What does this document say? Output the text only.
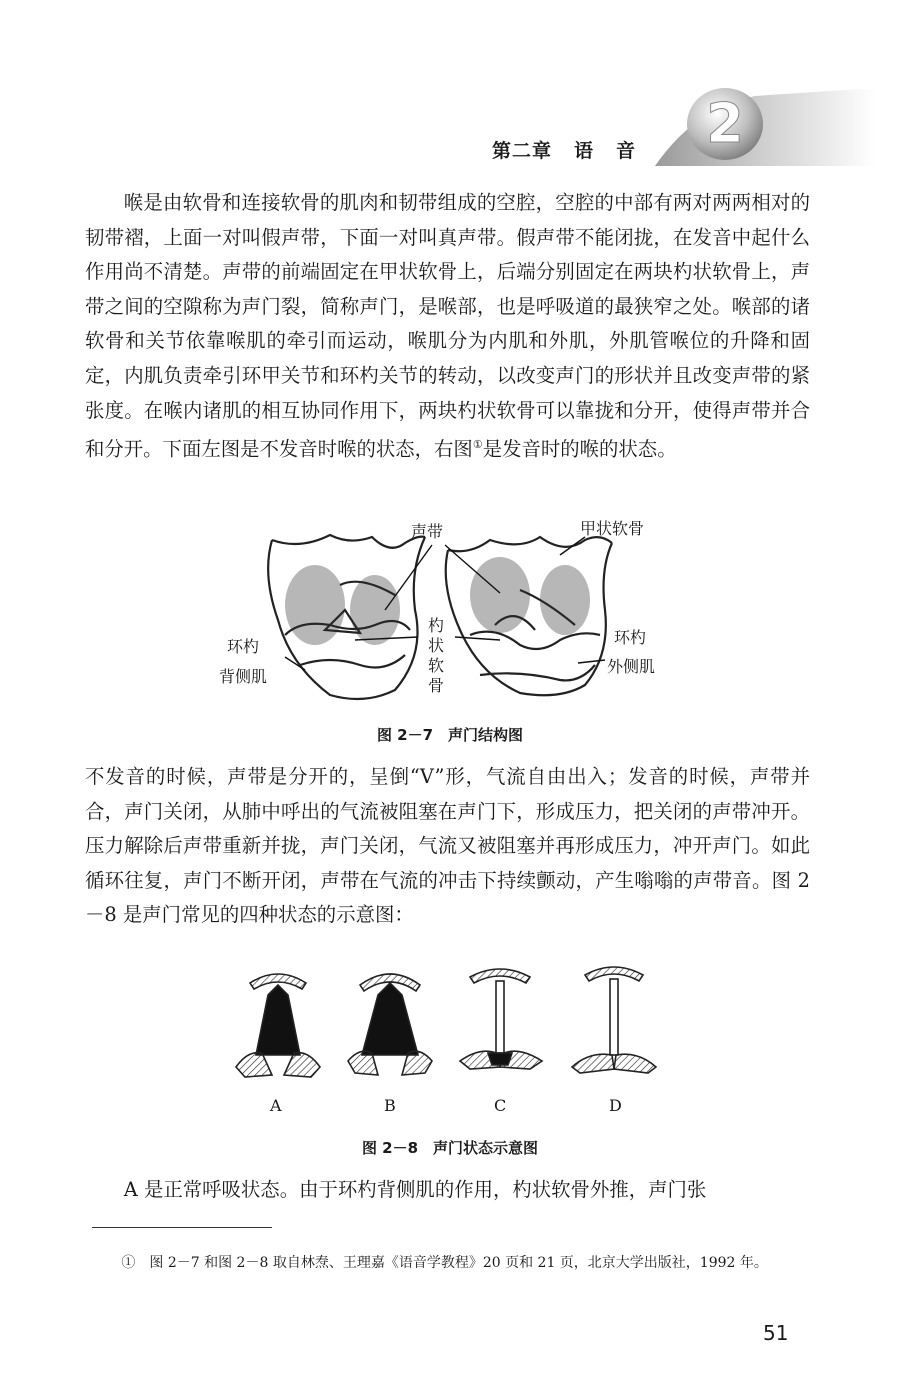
第二章 语 音 2

喉是由软骨和连接软骨的肌肉和韧带组成的空腔，空腔的中部有两对两两相对的韧带褶，上面一对叫假声带，下面一对叫真声带。假声带不能闭拢，在发音中起什么作用尚不清楚。声带的前端固定在甲状软骨上，后端分别固定在两块杓状软骨上，声带之间的空隙称为声门裂，简称声门，是喉部，也是呼吸道的最狭窄之处。喉部的诸软骨和关节依靠喉肌的牵引而运动，喉肌分为内肌和外肌，外肌管喉位的升降和固定，内肌负责牵引环甲关节和环杓关节的转动，以改变声门的形状并且改变声带的紧张度。在喉内诸肌的相互协同作用下，两块杓状软骨可以靠拢和分开，使得声带并合和分开。下面左图是不发音时喉的状态，右图①是发音时的喉的状态。

声带	甲状软骨
环杓
背侧肌
杓状软骨
环杓
外侧肌
图 2－7　声门结构图

不发音的时候，声带是分开的，呈倒“V”形，气流自由出入；发音的时候，声带并合，声门关闭，从肺中呼出的气流被阻塞在声门下，形成压力，把关闭的声带冲开。压力解除后声带重新并拢，声门关闭，气流又被阻塞并再形成压力，冲开声门。如此循环往复，声门不断开闭，声带在气流的冲击下持续颤动，产生嗡嗡的声带音。图 2－8 是声门常见的四种状态的示意图：

A	B	C	D
图 2－8　声门状态示意图

A 是正常呼吸状态。由于环杓背侧肌的作用，杓状软骨外推，声门张

①　图 2－7 和图 2－8 取自林焘、王理嘉《语音学教程》20 页和 21 页，北京大学出版社，1992 年。

51
